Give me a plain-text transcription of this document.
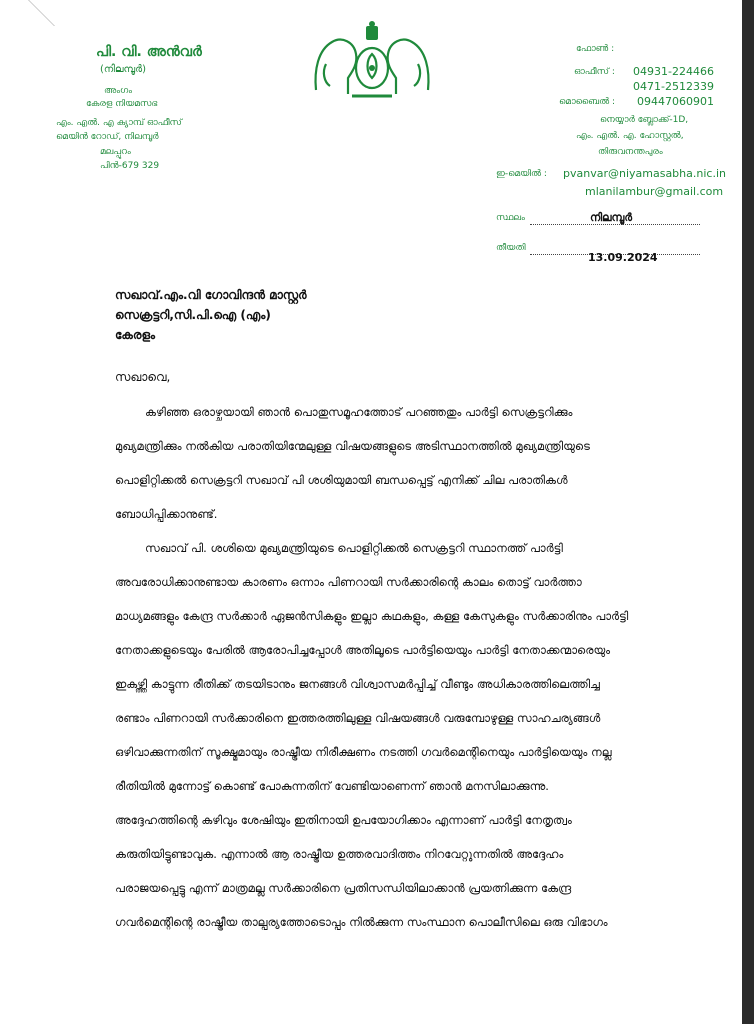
പി. വി. അൻവർ
(നിലമ്പൂർ)
അംഗം
കേരള നിയമസഭ
എം. എൽ. എ ക്യാമ്പ് ഓഫീസ്
മെയിൻ റോഡ്, നിലമ്പൂർ
മലപ്പുറം
പിൻ-679 329
ഫോൺ :
ഓഫീസ് : 04931-224466
0471-2512339
മൊബൈൽ : 09447060901
നെയ്യാർ ബ്ലോക്ക്-1D,
എം. എൽ. എ. ഹോസ്റ്റൽ,
തിരുവനന്തപുരം
ഇ-മെയിൽ : pvanvar@niyamasabha.nic.in
mlanilambur@gmail.com
സ്ഥലം	നിലമ്പൂർ
തീയതി
13.09.2024
സഖാവ്.എം.വി ഗോവിന്ദൻ മാസ്റ്റർ
സെക്രട്ടറി,സി.പി.ഐ (എം)
കേരളം
സഖാവെ,
കഴിഞ്ഞ ഒരാഴ്ചയായി ഞാൻ പൊതുസമൂഹത്തോട് പറഞ്ഞതും പാർട്ടി സെക്രട്ടറിക്കും
മുഖ്യമന്ത്രിക്കും നൽകിയ പരാതിയിന്മേലുള്ള വിഷയങ്ങളുടെ അടിസ്ഥാനത്തിൽ മുഖ്യമന്ത്രിയുടെ
പൊളിറ്റിക്കൽ സെക്രട്ടറി സഖാവ് പി ശശിയുമായി ബന്ധപ്പെട്ട് എനിക്ക് ചില പരാതികൾ
ബോധിപ്പിക്കാനുണ്ട്.
സഖാവ് പി. ശശിയെ മുഖ്യമന്ത്രിയുടെ പൊളിറ്റിക്കൽ സെക്രട്ടറി സ്ഥാനത്ത് പാർട്ടി
അവരോധിക്കാനുണ്ടായ കാരണം ഒന്നാം പിണറായി സർക്കാരിന്റെ കാലം തൊട്ട് വാർത്താ
മാധ്യമങ്ങളും കേന്ദ്ര സർക്കാർ ഏജൻസികളും ഇല്ലാ കഥകളും, കള്ള കേസുകളും സർക്കാരിനും പാർട്ടി
നേതാക്കളുടെയും പേരിൽ ആരോപിച്ചപ്പോൾ അതിലൂടെ പാർട്ടിയെയും പാർട്ടി നേതാക്കന്മാരെയും
ഇകഴ്ത്തി കാട്ടുന്ന രീതിക്ക് തടയിടാനും ജനങ്ങൾ വിശ്വാസമർപ്പിച്ച് വീണ്ടും അധികാരത്തിലെത്തിച്ച
രണ്ടാം പിണറായി സർക്കാരിനെ ഇത്തരത്തിലുള്ള വിഷയങ്ങൾ വരുമ്പോഴുള്ള സാഹചര്യങ്ങൾ
ഒഴിവാക്കുന്നതിന് സൂക്ഷ്മമായും രാഷ്ട്രീയ നിരീക്ഷണം നടത്തി ഗവർമെന്റിനെയും പാർട്ടിയെയും നല്ല
രീതിയിൽ മുന്നോട്ട് കൊണ്ട് പോകുന്നതിന് വേണ്ടിയാണെന്ന് ഞാൻ മനസിലാക്കുന്നു.
അദ്ദേഹത്തിന്റെ കഴിവും ശേഷിയും ഇതിനായി ഉപയോഗിക്കാം എന്നാണ് പാർട്ടി നേതൃത്വം
കരുതിയിട്ടുണ്ടാവുക. എന്നാൽ ആ രാഷ്ട്രീയ ഉത്തരവാദിത്തം നിറവേറ്റുന്നതിൽ അദ്ദേഹം
പരാജയപ്പെട്ടു എന്ന് മാത്രമല്ല സർക്കാരിനെ പ്രതിസന്ധിയിലാക്കാൻ പ്രയത്നിക്കുന്ന കേന്ദ്ര
ഗവർമെന്റിന്റെ രാഷ്ട്രീയ താല്പര്യത്തോടൊപ്പം നിൽക്കുന്ന സംസ്ഥാന പൊലീസിലെ ഒരു വിഭാഗം
